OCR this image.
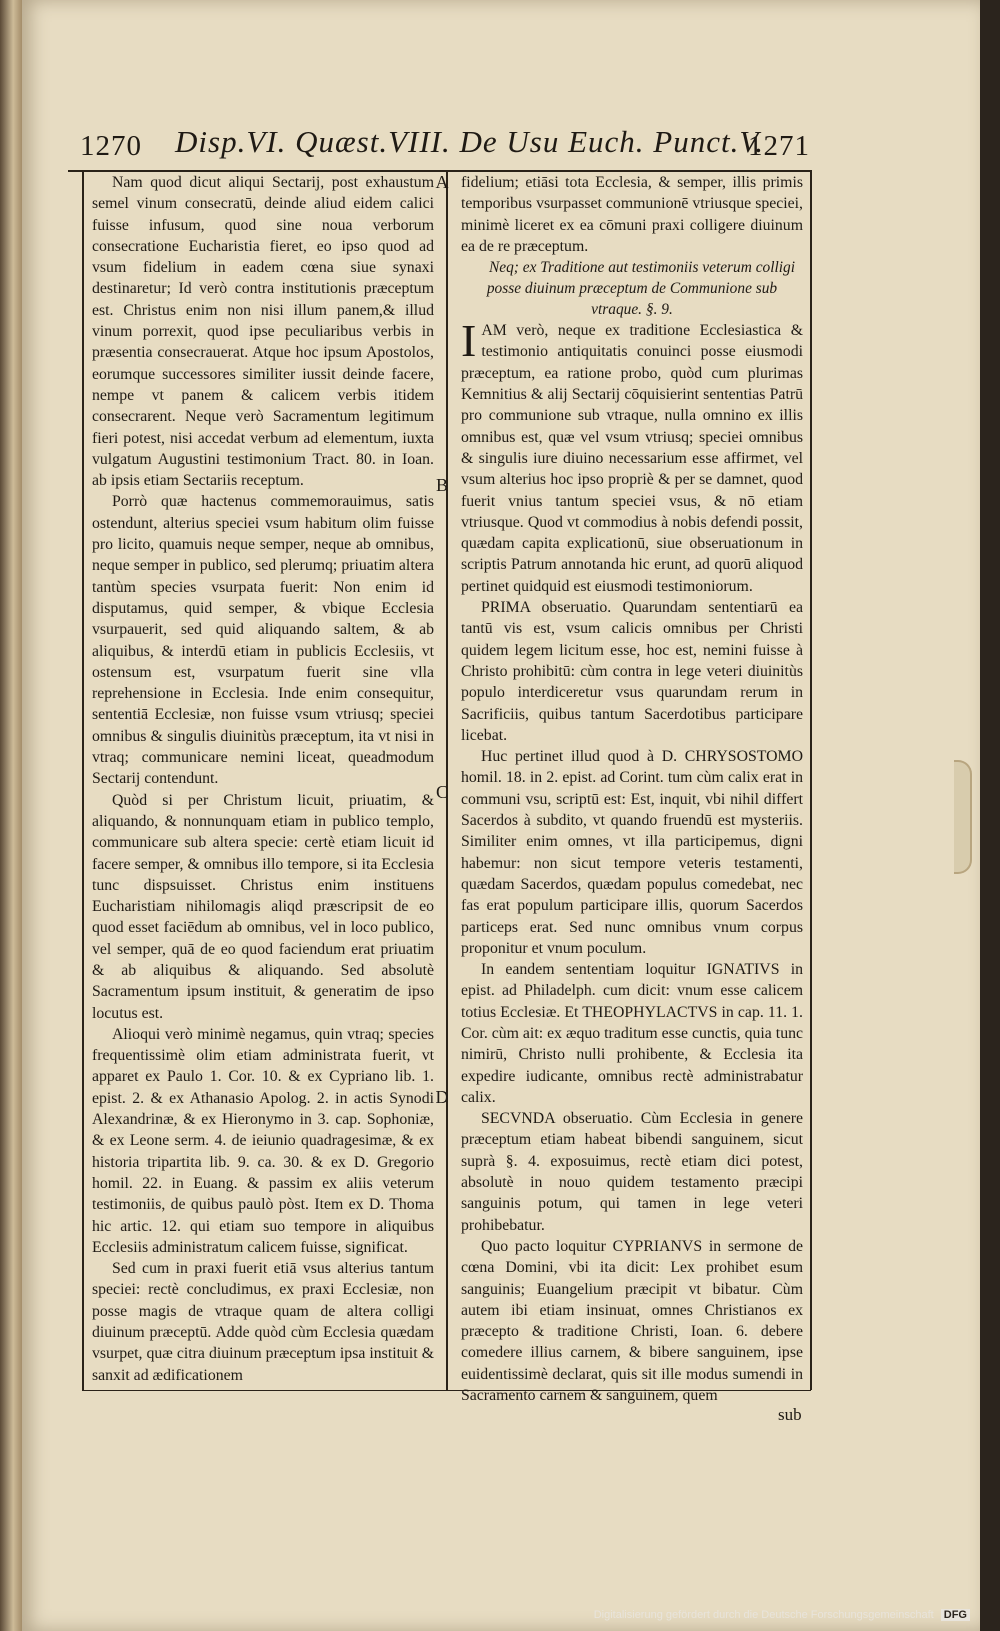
1270 Disp.VI. Quæst.VIII. De Usu Euch. Punct.V.
1271
A
B
C
D

Nam quod dicut aliqui Sectarij, post exhaustum semel vinum consecratū, deinde aliud eidem calici fuisse infusum, quod sine noua verborum consecratione Eucharistia fieret, eo ipso quod ad vsum fidelium in eadem cœna siue synaxi destinaretur; Id verò contra institutionis præceptum est. Christus enim non nisi illum panem,& illud vinum porrexit, quod ipse peculiaribus verbis in præsentia consecrauerat. Atque hoc ipsum Apostolos, eorumque successores similiter iussit deinde facere, nempe vt panem & calicem verbis itidem consecrarent. Neque verò Sacramentum legitimum fieri potest, nisi accedat verbum ad elementum, iuxta vulgatum Augustini testimonium Tract. 80. in Ioan. ab ipsis etiam Sectariis receptum.

Porrò quæ hactenus commemorauimus, satis ostendunt, alterius speciei vsum habitum olim fuisse pro licito, quamuis neque semper, neque ab omnibus, neque semper in publico, sed plerumq; priuatim altera tantùm species vsurpata fuerit: Non enim id disputamus, quid semper, & vbique Ecclesia vsurpauerit, sed quid aliquando saltem, & ab aliquibus, & interdū etiam in publicis Ecclesiis, vt ostensum est, vsurpatum fuerit sine vlla reprehensione in Ecclesia. Inde enim consequitur, sententiā Ecclesiæ, non fuisse vsum vtriusq; speciei omnibus & singulis diuinitùs præceptum, ita vt nisi in vtraq; communicare nemini liceat, queadmodum Sectarij contendunt.

Quòd si per Christum licuit, priuatim, & aliquando, & nonnunquam etiam in publico templo, communicare sub altera specie: certè etiam licuit id facere semper, & omnibus illo tempore, si ita Ecclesia tunc dispsuisset. Christus enim instituens Eucharistiam nihilomagis aliqd præscripsit de eo quod esset faciēdum ab omnibus, vel in loco publico, vel semper, quā de eo quod faciendum erat priuatim & ab aliquibus & aliquando. Sed absolutè Sacramentum ipsum instituit, & generatim de ipso locutus est.

Alioqui verò minimè negamus, quin vtraq; species frequentissimè olim etiam administrata fuerit, vt apparet ex Paulo 1. Cor. 10. & ex Cypriano lib. 1. epist. 2. & ex Athanasio Apolog. 2. in actis Synodi Alexandrinæ, & ex Hieronymo in 3. cap. Sophoniæ, & ex Leone serm. 4. de ieiunio quadragesimæ, & ex historia tripartita lib. 9. ca. 30. & ex D. Gregorio homil. 22. in Euang. & passim ex aliis veterum testimoniis, de quibus paulò pòst. Item ex D. Thoma hic artic. 12. qui etiam suo tempore in aliquibus Ecclesiis administratum calicem fuisse, significat.

Sed cum in praxi fuerit etiā vsus alterius tantum speciei: rectè concludimus, ex praxi Ecclesiæ, non posse magis de vtraque quam de altera colligi diuinum præceptū. Adde quòd cùm Ecclesia quædam vsurpet, quæ citra diuinum præceptum ipsa instituit & sanxit ad ædificationem

fidelium; etiāsi tota Ecclesia, & semper, illis primis temporibus vsurpasset communionē vtriusque speciei, minimè liceret ex ea cōmuni praxi colligere diuinum ea de re præceptum.

Neq; ex Traditione aut testimoniis veterum colligi posse diuinum præceptum de Communione sub vtraque. §. 9.

IAM verò, neque ex traditione Ecclesiastica & testimonio antiquitatis conuinci posse eiusmodi præceptum, ea ratione probo, quòd cum plurimas Kemnitius & alij Sectarij cōquisierint sententias Patrū pro communione sub vtraque, nulla omnino ex illis omnibus est, quæ vel vsum vtriusq; speciei omnibus & singulis iure diuino necessarium esse affirmet, vel vsum alterius hoc ipso propriè & per se damnet, quod fuerit vnius tantum speciei vsus, & nō etiam vtriusque. Quod vt commodius à nobis defendi possit, quædam capita explicationū, siue obseruationum in scriptis Patrum annotanda hic erunt, ad quorū aliquod pertinet quidquid est eiusmodi testimoniorum.

PRIMA obseruatio. Quarundam sententiarū ea tantū vis est, vsum calicis omnibus per Christi quidem legem licitum esse, hoc est, nemini fuisse à Christo prohibitū: cùm contra in lege veteri diuinitùs populo interdiceretur vsus quarundam rerum in Sacrificiis, quibus tantum Sacerdotibus participare licebat.

Huc pertinet illud quod à D. CHRYSOSTOMO homil. 18. in 2. epist. ad Corint. tum cùm calix erat in communi vsu, scriptū est: Est, inquit, vbi nihil differt Sacerdos à subdito, vt quando fruendū est mysteriis. Similiter enim omnes, vt illa participemus, digni habemur: non sicut tempore veteris testamenti, quædam Sacerdos, quædam populus comedebat, nec fas erat populum participare illis, quorum Sacerdos particeps erat. Sed nunc omnibus vnum corpus proponitur et vnum poculum.

In eandem sententiam loquitur IGNATIVS in epist. ad Philadelph. cum dicit: vnum esse calicem totius Ecclesiæ. Et THEOPHYLACTVS in cap. 11. 1. Cor. cùm ait: ex æquo traditum esse cunctis, quia tunc nimirū, Christo nulli prohibente, & Ecclesia ita expedire iudicante, omnibus rectè administrabatur calix.

SECVNDA obseruatio. Cùm Ecclesia in genere præceptum etiam habeat bibendi sanguinem, sicut suprà §. 4. exposuimus, rectè etiam dici potest, absolutè in nouo quidem testamento præcipi sanguinis potum, qui tamen in lege veteri prohibebatur.

Quo pacto loquitur CYPRIANVS in sermone de cœna Domini, vbi ita dicit: Lex prohibet esum sanguinis; Euangelium præcipit vt bibatur. Cùm autem ibi etiam insinuat, omnes Christianos ex præcepto & traditione Christi, Ioan. 6. debere comedere illius carnem, & bibere sanguinem, ipse euidentissimè declarat, quis sit ille modus sumendi in Sacramento carnem & sanguinem, quem

sub
Digitalisierung gefördert durch die Deutsche Forschungsgemeinschaft DFG
